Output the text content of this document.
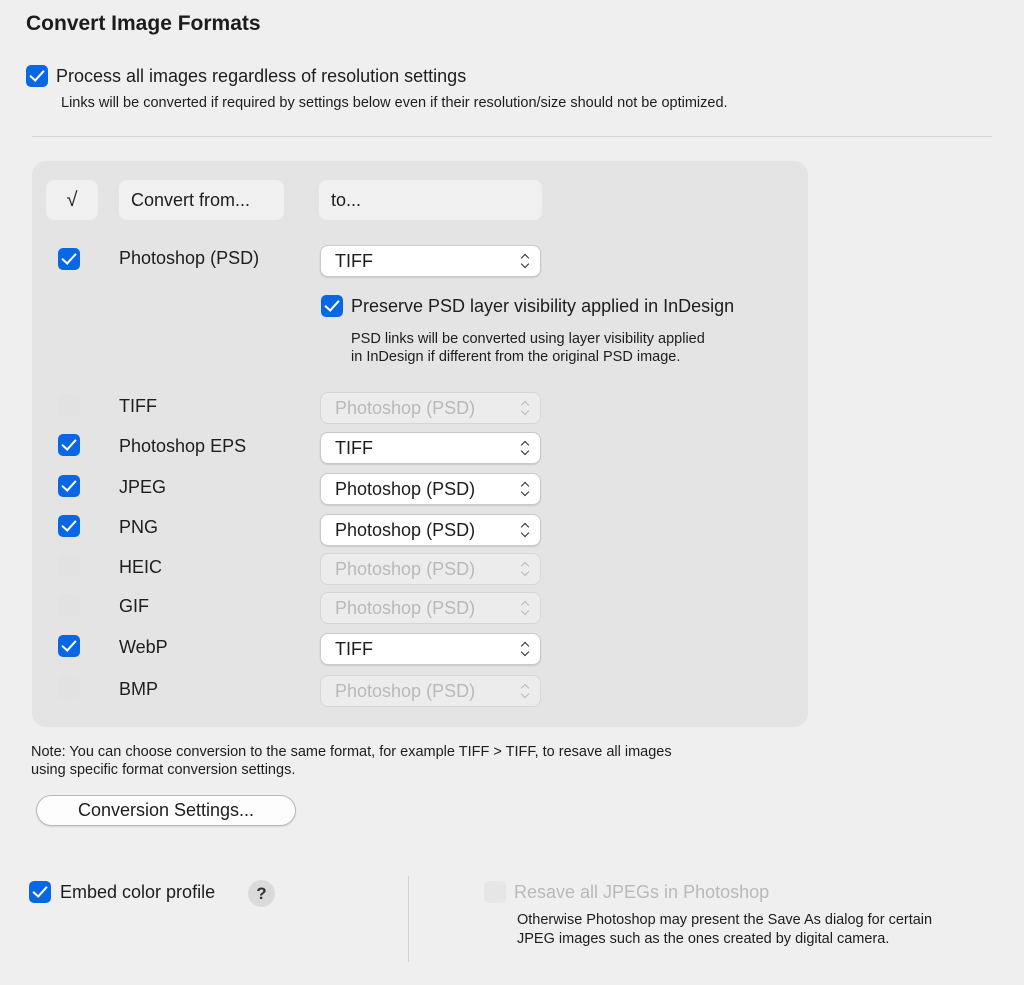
Convert Image Formats
Process all images regardless of resolution settings
Links will be converted if required by settings below even if their resolution/size should not be optimized.
√	Convert from...	to...
Photoshop (PSD)	TIFF
Preserve PSD layer visibility applied in InDesign
PSD links will be converted using layer visibility applied
in InDesign if different from the original PSD image.
TIFF	Photoshop (PSD)
Photoshop EPS	TIFF
JPEG	Photoshop (PSD)
PNG	Photoshop (PSD)
HEIC	Photoshop (PSD)
GIF	Photoshop (PSD)
WebP	TIFF
BMP	Photoshop (PSD)
Note: You can choose conversion to the same format, for example TIFF > TIFF, to resave all images
using specific format conversion settings.
Conversion Settings...
Embed color profile	?	Resave all JPEGs in Photoshop
Otherwise Photoshop may present the Save As dialog for certain
JPEG images such as the ones created by digital camera.
